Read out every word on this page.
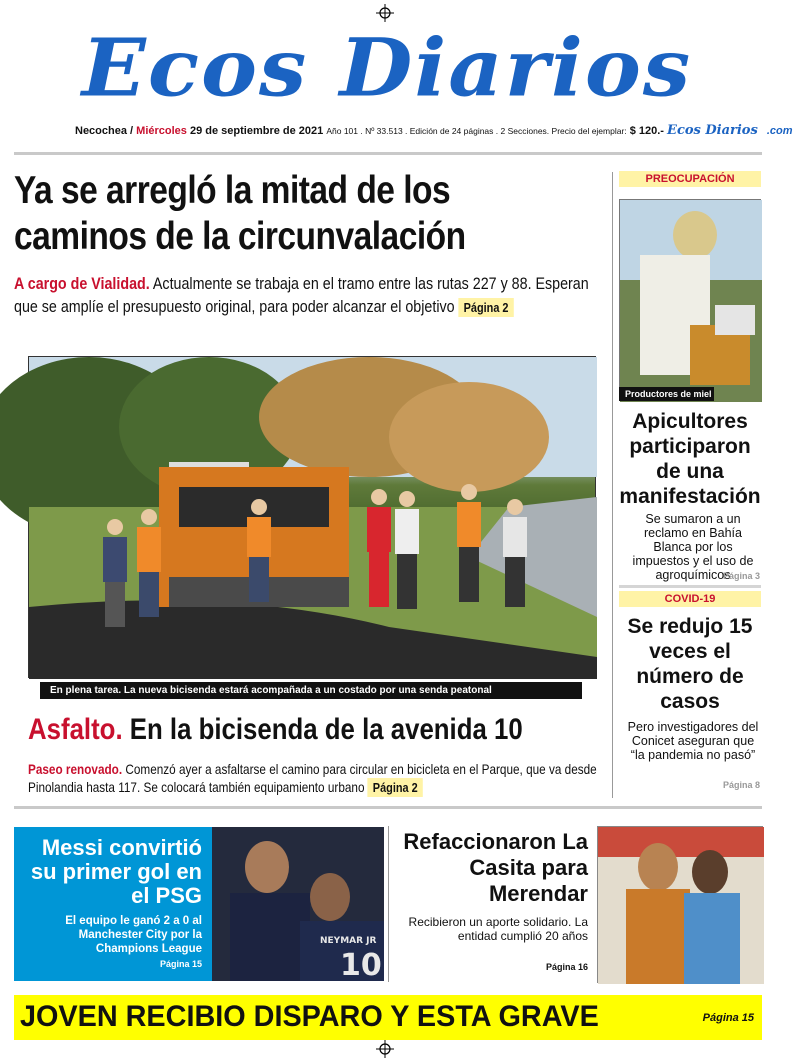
Ecos Diarios
Necochea / Miércoles 29 de septiembre de 2021 Año 101 . Nº 33.513 . Edición de 24 páginas . 2 Secciones. Precio del ejemplar: $ 120.- Ecos Diarios .com
Ya se arregló la mitad de los
caminos de la circunvalación
A cargo de Vialidad. Actualmente se trabaja en el tramo entre las rutas 227 y 88. Esperan que se amplíe el presupuesto original, para poder alcanzar el objetivo Página 2
En plena tarea. La nueva bicisenda estará acompañada a un costado por una senda peatonal
Asfalto. En la bicisenda de la avenida 10
Paseo renovado. Comenzó ayer a asfaltarse el camino para circular en bicicleta en el Parque, que va desde Pinolandia hasta 117. Se colocará también equipamiento urbano Página 2
PREOCUPACIÓN
Productores de miel
Apicultores participaron de una manifestación
Se sumaron a un reclamo en Bahía Blanca por los impuestos y el uso de agroquímicos
Página 3
COVID-19
Se redujo 15 veces el número de casos
Pero investigadores del Conicet aseguran que “la pandemia no pasó”
Página 8
Messi convirtió su primer gol en el PSG
El equipo le ganó 2 a 0 al Manchester City por la Champions League
Página 15
NEYMAR JR
10
Refaccionaron La Casita para Merendar
Recibieron un aporte solidario. La entidad cumplió 20 años
Página 16
JOVEN RECIBIO DISPARO Y ESTA GRAVE	Página 15
